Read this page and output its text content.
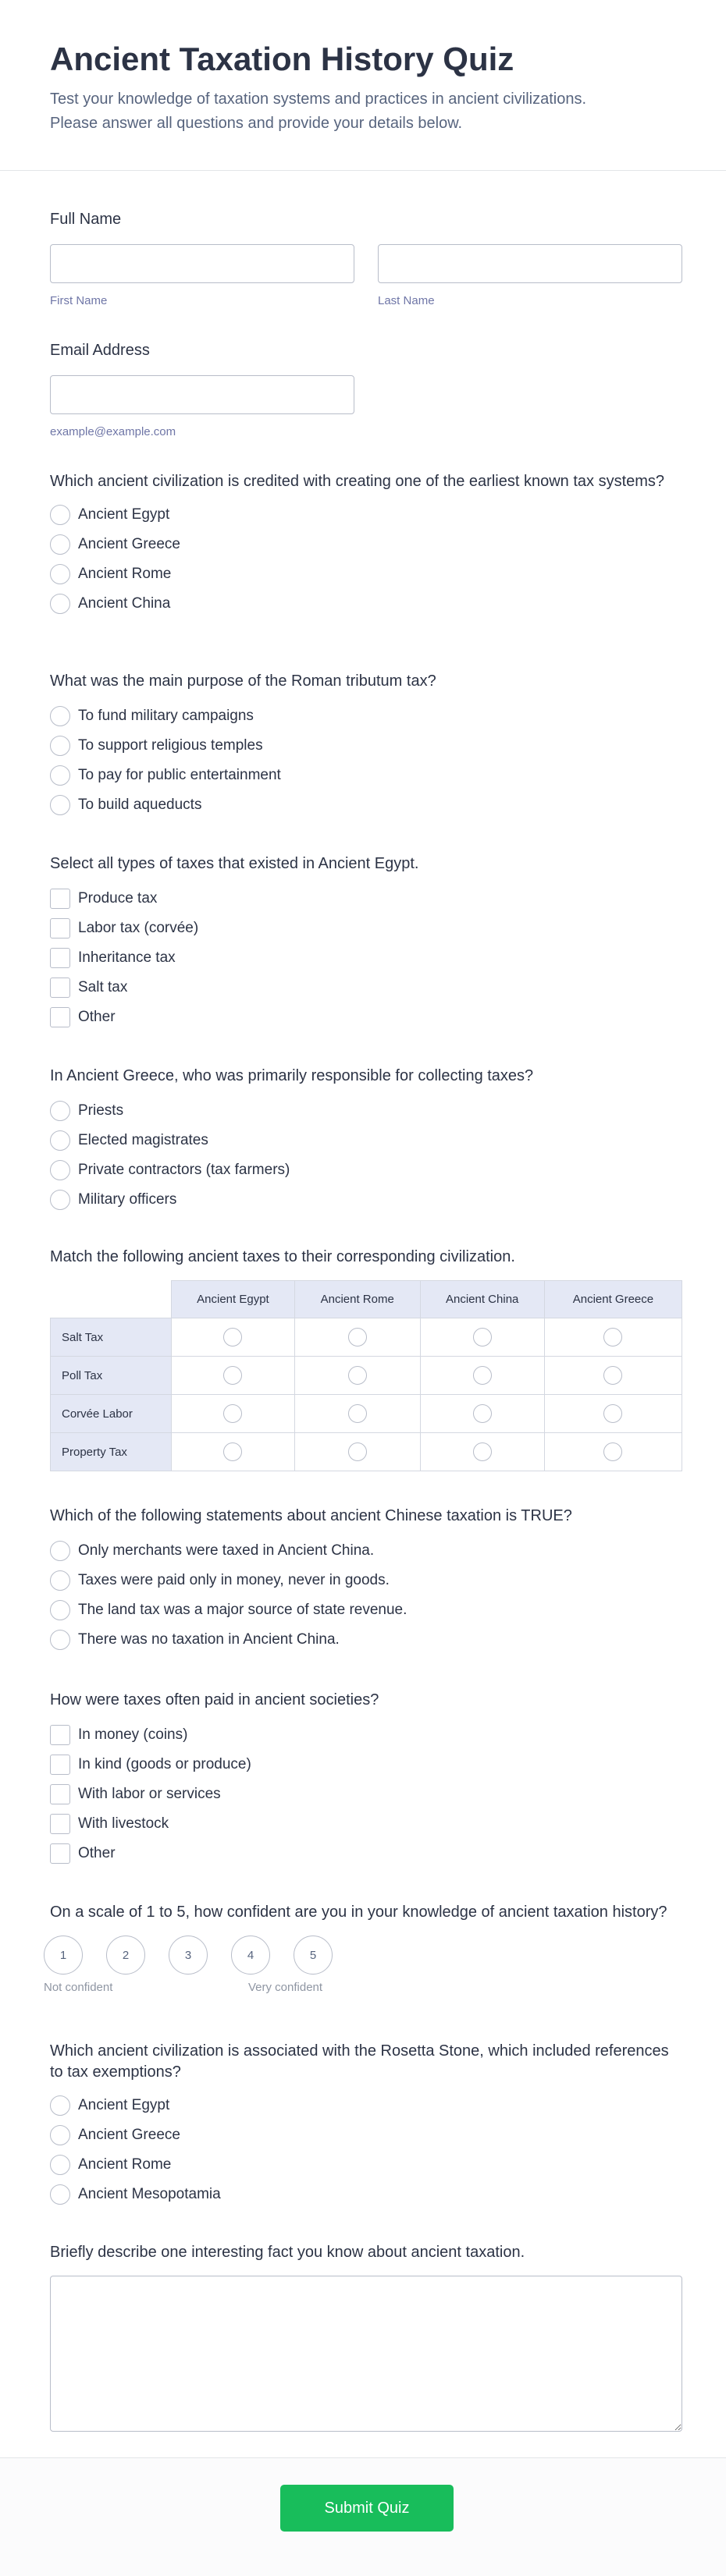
Ancient Taxation History Quiz

Test your knowledge of taxation systems and practices in ancient civilizations.
Please answer all questions and provide your details below.

Full Name
First Name	Last Name
Email Address
example@example.com
Which ancient civilization is credited with creating one of the earliest known tax systems?
Ancient Egypt
Ancient Greece
Ancient Rome
Ancient China
What was the main purpose of the Roman tributum tax?
To fund military campaigns
To support religious temples
To pay for public entertainment
To build aqueducts
Select all types of taxes that existed in Ancient Egypt.
Produce tax
Labor tax (corvée)
Inheritance tax
Salt tax
Other
In Ancient Greece, who was primarily responsible for collecting taxes?
Priests
Elected magistrates
Private contractors (tax farmers)
Military officers
Match the following ancient taxes to their corresponding civilization.
	Ancient Egypt	Ancient Rome	Ancient China	Ancient Greece
Salt Tax				
Poll Tax				
Corvée Labor				
Property Tax				
Which of the following statements about ancient Chinese taxation is TRUE?
Only merchants were taxed in Ancient China.
Taxes were paid only in money, never in goods.
The land tax was a major source of state revenue.
There was no taxation in Ancient China.
How were taxes often paid in ancient societies?
In money (coins)
In kind (goods or produce)
With labor or services
With livestock
Other
On a scale of 1 to 5, how confident are you in your knowledge of ancient taxation history?
1	2	3	4	5
Not confident	Very confident
Which ancient civilization is associated with the Rosetta Stone, which included references to tax exemptions?
Ancient Egypt
Ancient Greece
Ancient Rome
Ancient Mesopotamia
Briefly describe one interesting fact you know about ancient taxation.
Submit Quiz
